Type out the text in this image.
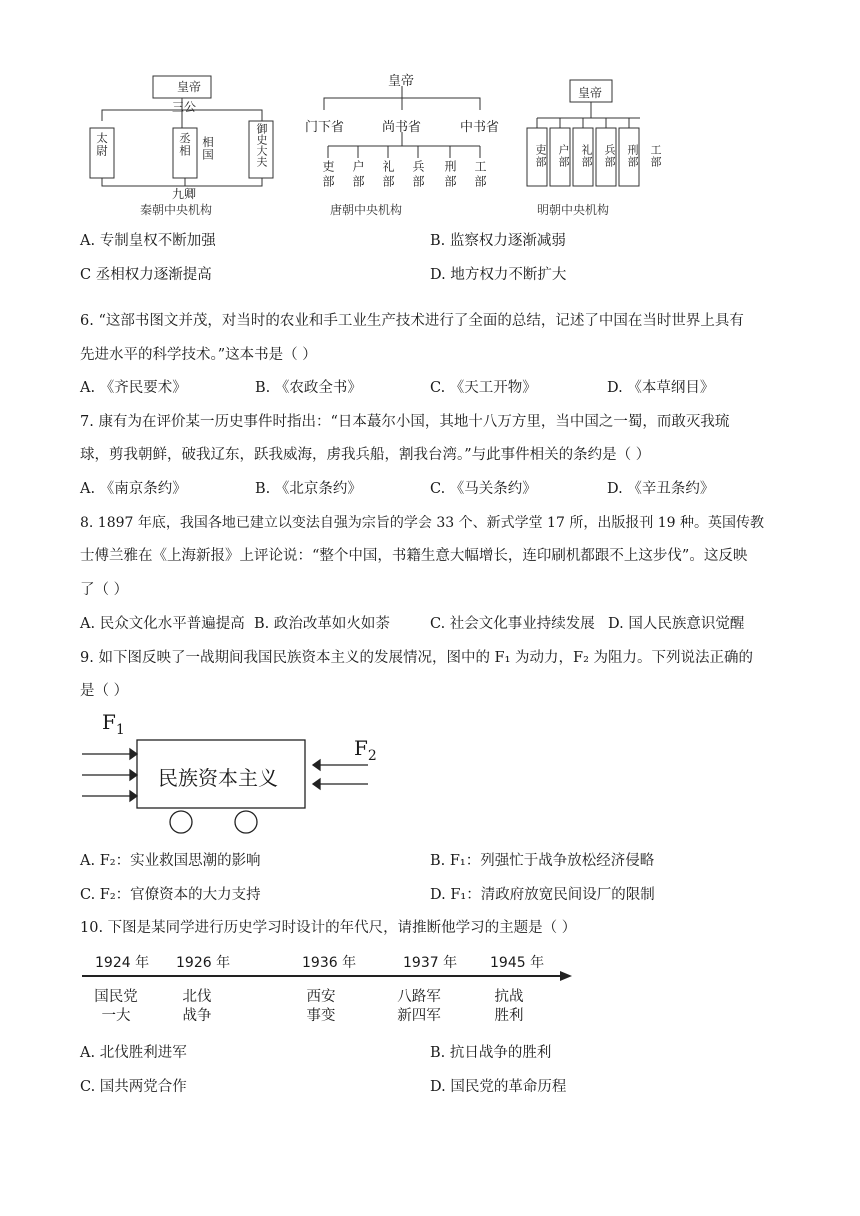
皇帝
三公
太尉	丞相 相国	御史大夫
九卿
秦朝中央机构
皇帝
门下省	尚书省	中书省
吏部 户部 礼部 兵部 刑部 工部
唐朝中央机构
皇帝
吏部 户部 礼部 兵部 刑部 工部
明朝中央机构
A. 专制皇权不断加强	B. 监察权力逐渐减弱
C 丞相权力逐渐提高	D. 地方权力不断扩大
6. “这部书图文并茂，对当时的农业和手工业生产技术进行了全面的总结，记述了中国在当时世界上具有
先进水平的科学技术。”这本书是（ ）
A. 《齐民要术》	B. 《农政全书》	C. 《天工开物》	D. 《本草纲目》
7. 康有为在评价某一历史事件时指出：“日本蕞尔小国，其地十八万方里，当中国之一蜀，而敢灭我琉
球，剪我朝鲜，破我辽东，跃我威海，虏我兵船，割我台湾。”与此事件相关的条约是（ ）
A. 《南京条约》	B. 《北京条约》	C. 《马关条约》	D. 《辛丑条约》
8. 1897 年底，我国各地已建立以变法自强为宗旨的学会 33 个、新式学堂 17 所，出版报刊 19 种。英国传教
士傅兰雅在《上海新报》上评论说：“整个中国，书籍生意大幅增长，连印刷机都跟不上这步伐”。这反映
了（ ）
A. 民众文化水平普遍提高 B. 政治改革如火如荼	C. 社会文化事业持续发展 D. 国人民族意识觉醒
9. 如下图反映了一战期间我国民族资本主义的发展情况，图中的 F₁ 为动力，F₂ 为阻力。下列说法正确的
是（ ）
民族资本主义
$F_1$
$F_2$
A. F₂：实业救国思潮的影响	B. F₁：列强忙于战争放松经济侵略
C. F₂：官僚资本的大力支持	D. F₁：清政府放宽民间设厂的限制
10. 下图是某同学进行历史学习时设计的年代尺，请推断他学习的主题是（ ）
1924 年 1926 年	1936 年	1937 年 1945 年
国民党
一大
北伐
战争
西安
事变
八路军
新四军
抗战
胜利
A. 北伐胜利进军	B. 抗日战争的胜利
C. 国共两党合作	D. 国民党的革命历程
